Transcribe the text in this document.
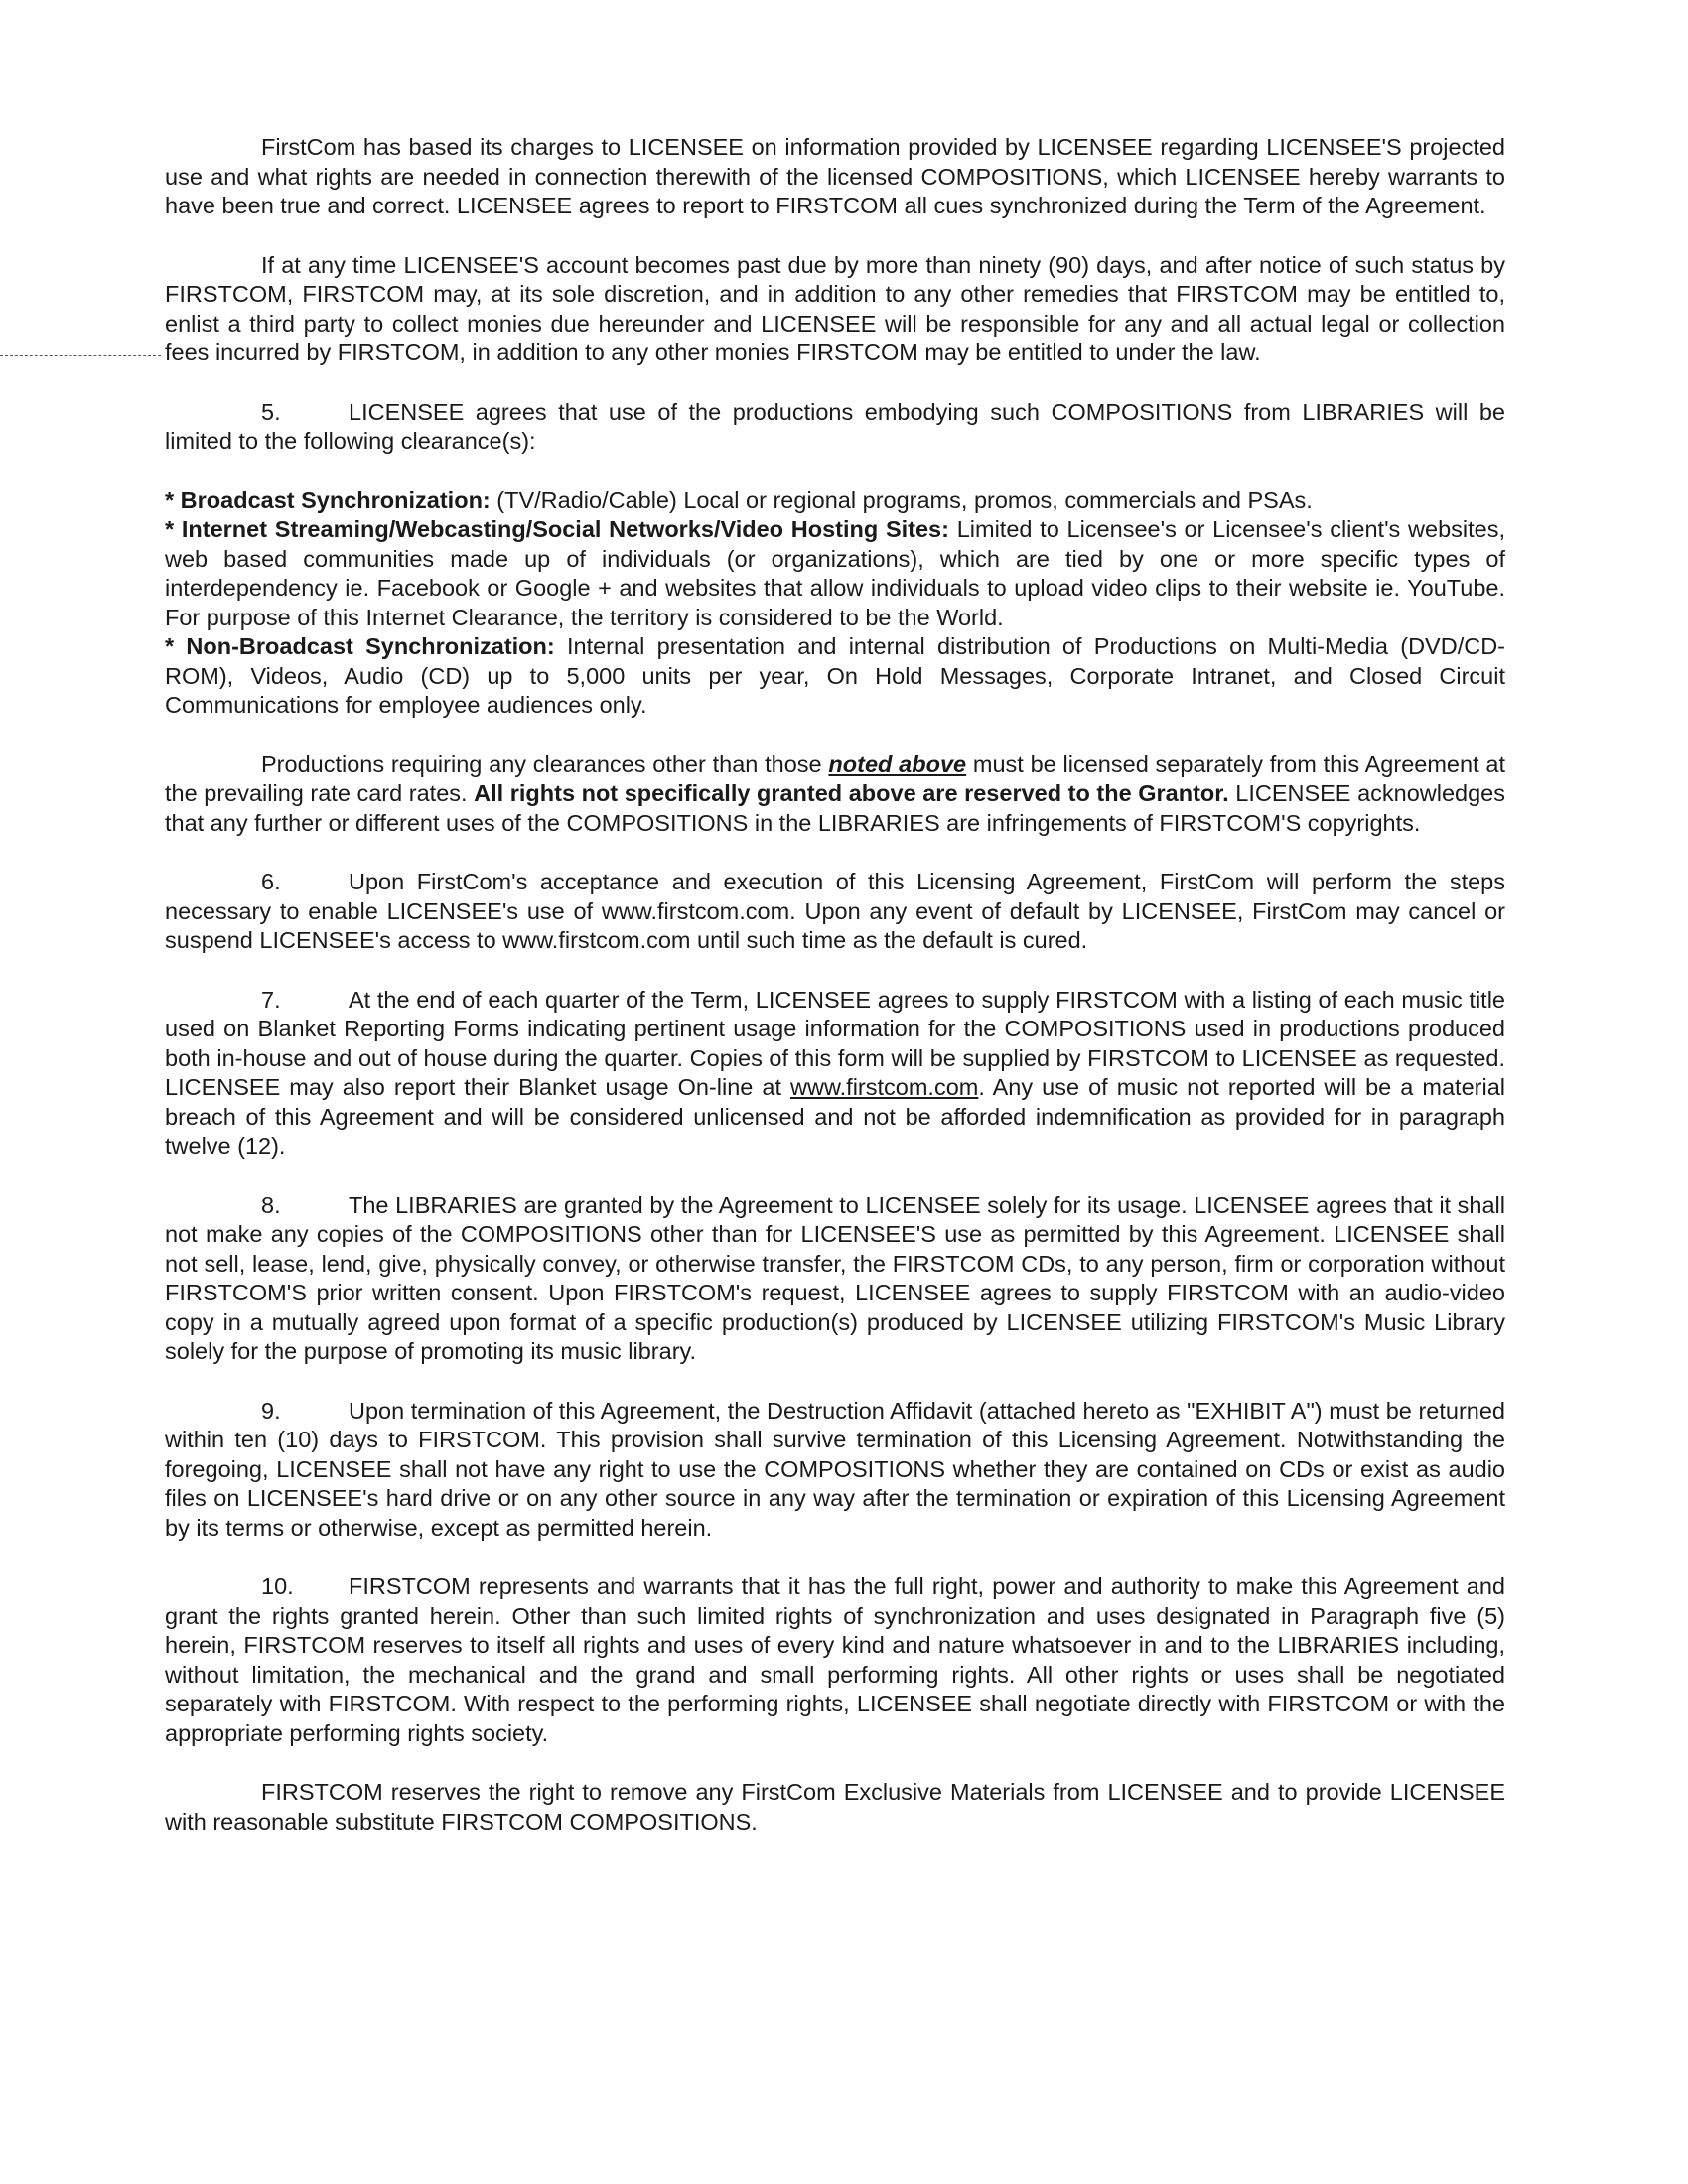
FirstCom has based its charges to LICENSEE on information provided by LICENSEE regarding LICENSEE'S projected use and what rights are needed in connection therewith of the licensed COMPOSITIONS, which LICENSEE hereby warrants to have been true and correct. LICENSEE agrees to report to FIRSTCOM all cues synchronized during the Term of the Agreement.

If at any time LICENSEE'S account becomes past due by more than ninety (90) days, and after notice of such status by FIRSTCOM, FIRSTCOM may, at its sole discretion, and in addition to any other remedies that FIRSTCOM may be entitled to, enlist a third party to collect monies due hereunder and LICENSEE will be responsible for any and all actual legal or collection fees incurred by FIRSTCOM, in addition to any other monies FIRSTCOM may be entitled to under the law.

5.	LICENSEE agrees that use of the productions embodying such COMPOSITIONS from LIBRARIES will be limited to the following clearance(s):

* Broadcast Synchronization: (TV/Radio/Cable) Local or regional programs, promos, commercials and PSAs.

* Internet Streaming/Webcasting/Social Networks/Video Hosting Sites: Limited to Licensee's or Licensee's client's websites, web based communities made up of individuals (or organizations), which are tied by one or more specific types of interdependency ie. Facebook or Google + and websites that allow individuals to upload video clips to their website ie. YouTube. For purpose of this Internet Clearance, the territory is considered to be the World.

* Non-Broadcast Synchronization: Internal presentation and internal distribution of Productions on Multi-Media (DVD/CD-ROM), Videos, Audio (CD) up to 5,000 units per year, On Hold Messages, Corporate Intranet, and Closed Circuit Communications for employee audiences only.

Productions requiring any clearances other than those noted above must be licensed separately from this Agreement at the prevailing rate card rates. All rights not specifically granted above are reserved to the Grantor. LICENSEE acknowledges that any further or different uses of the COMPOSITIONS in the LIBRARIES are infringements of FIRSTCOM'S copyrights.

6.	Upon FirstCom's acceptance and execution of this Licensing Agreement, FirstCom will perform the steps necessary to enable LICENSEE's use of www.firstcom.com. Upon any event of default by LICENSEE, FirstCom may cancel or suspend LICENSEE's access to www.firstcom.com until such time as the default is cured.

7.	At the end of each quarter of the Term, LICENSEE agrees to supply FIRSTCOM with a listing of each music title used on Blanket Reporting Forms indicating pertinent usage information for the COMPOSITIONS used in productions produced both in-house and out of house during the quarter. Copies of this form will be supplied by FIRSTCOM to LICENSEE as requested. LICENSEE may also report their Blanket usage On-line at www.firstcom.com. Any use of music not reported will be a material breach of this Agreement and will be considered unlicensed and not be afforded indemnification as provided for in paragraph twelve (12).

8.	The LIBRARIES are granted by the Agreement to LICENSEE solely for its usage. LICENSEE agrees that it shall not make any copies of the COMPOSITIONS other than for LICENSEE'S use as permitted by this Agreement. LICENSEE shall not sell, lease, lend, give, physically convey, or otherwise transfer, the FIRSTCOM CDs, to any person, firm or corporation without FIRSTCOM'S prior written consent. Upon FIRSTCOM's request, LICENSEE agrees to supply FIRSTCOM with an audio-video copy in a mutually agreed upon format of a specific production(s) produced by LICENSEE utilizing FIRSTCOM's Music Library solely for the purpose of promoting its music library.

9.	Upon termination of this Agreement, the Destruction Affidavit (attached hereto as "EXHIBIT A") must be returned within ten (10) days to FIRSTCOM. This provision shall survive termination of this Licensing Agreement. Notwithstanding the foregoing, LICENSEE shall not have any right to use the COMPOSITIONS whether they are contained on CDs or exist as audio files on LICENSEE's hard drive or on any other source in any way after the termination or expiration of this Licensing Agreement by its terms or otherwise, except as permitted herein.

10. FIRSTCOM represents and warrants that it has the full right, power and authority to make this Agreement and grant the rights granted herein. Other than such limited rights of synchronization and uses designated in Paragraph five (5) herein, FIRSTCOM reserves to itself all rights and uses of every kind and nature whatsoever in and to the LIBRARIES including, without limitation, the mechanical and the grand and small performing rights. All other rights or uses shall be negotiated separately with FIRSTCOM. With respect to the performing rights, LICENSEE shall negotiate directly with FIRSTCOM or with the appropriate performing rights society.

FIRSTCOM reserves the right to remove any FirstCom Exclusive Materials from LICENSEE and to provide LICENSEE with reasonable substitute FIRSTCOM COMPOSITIONS.
